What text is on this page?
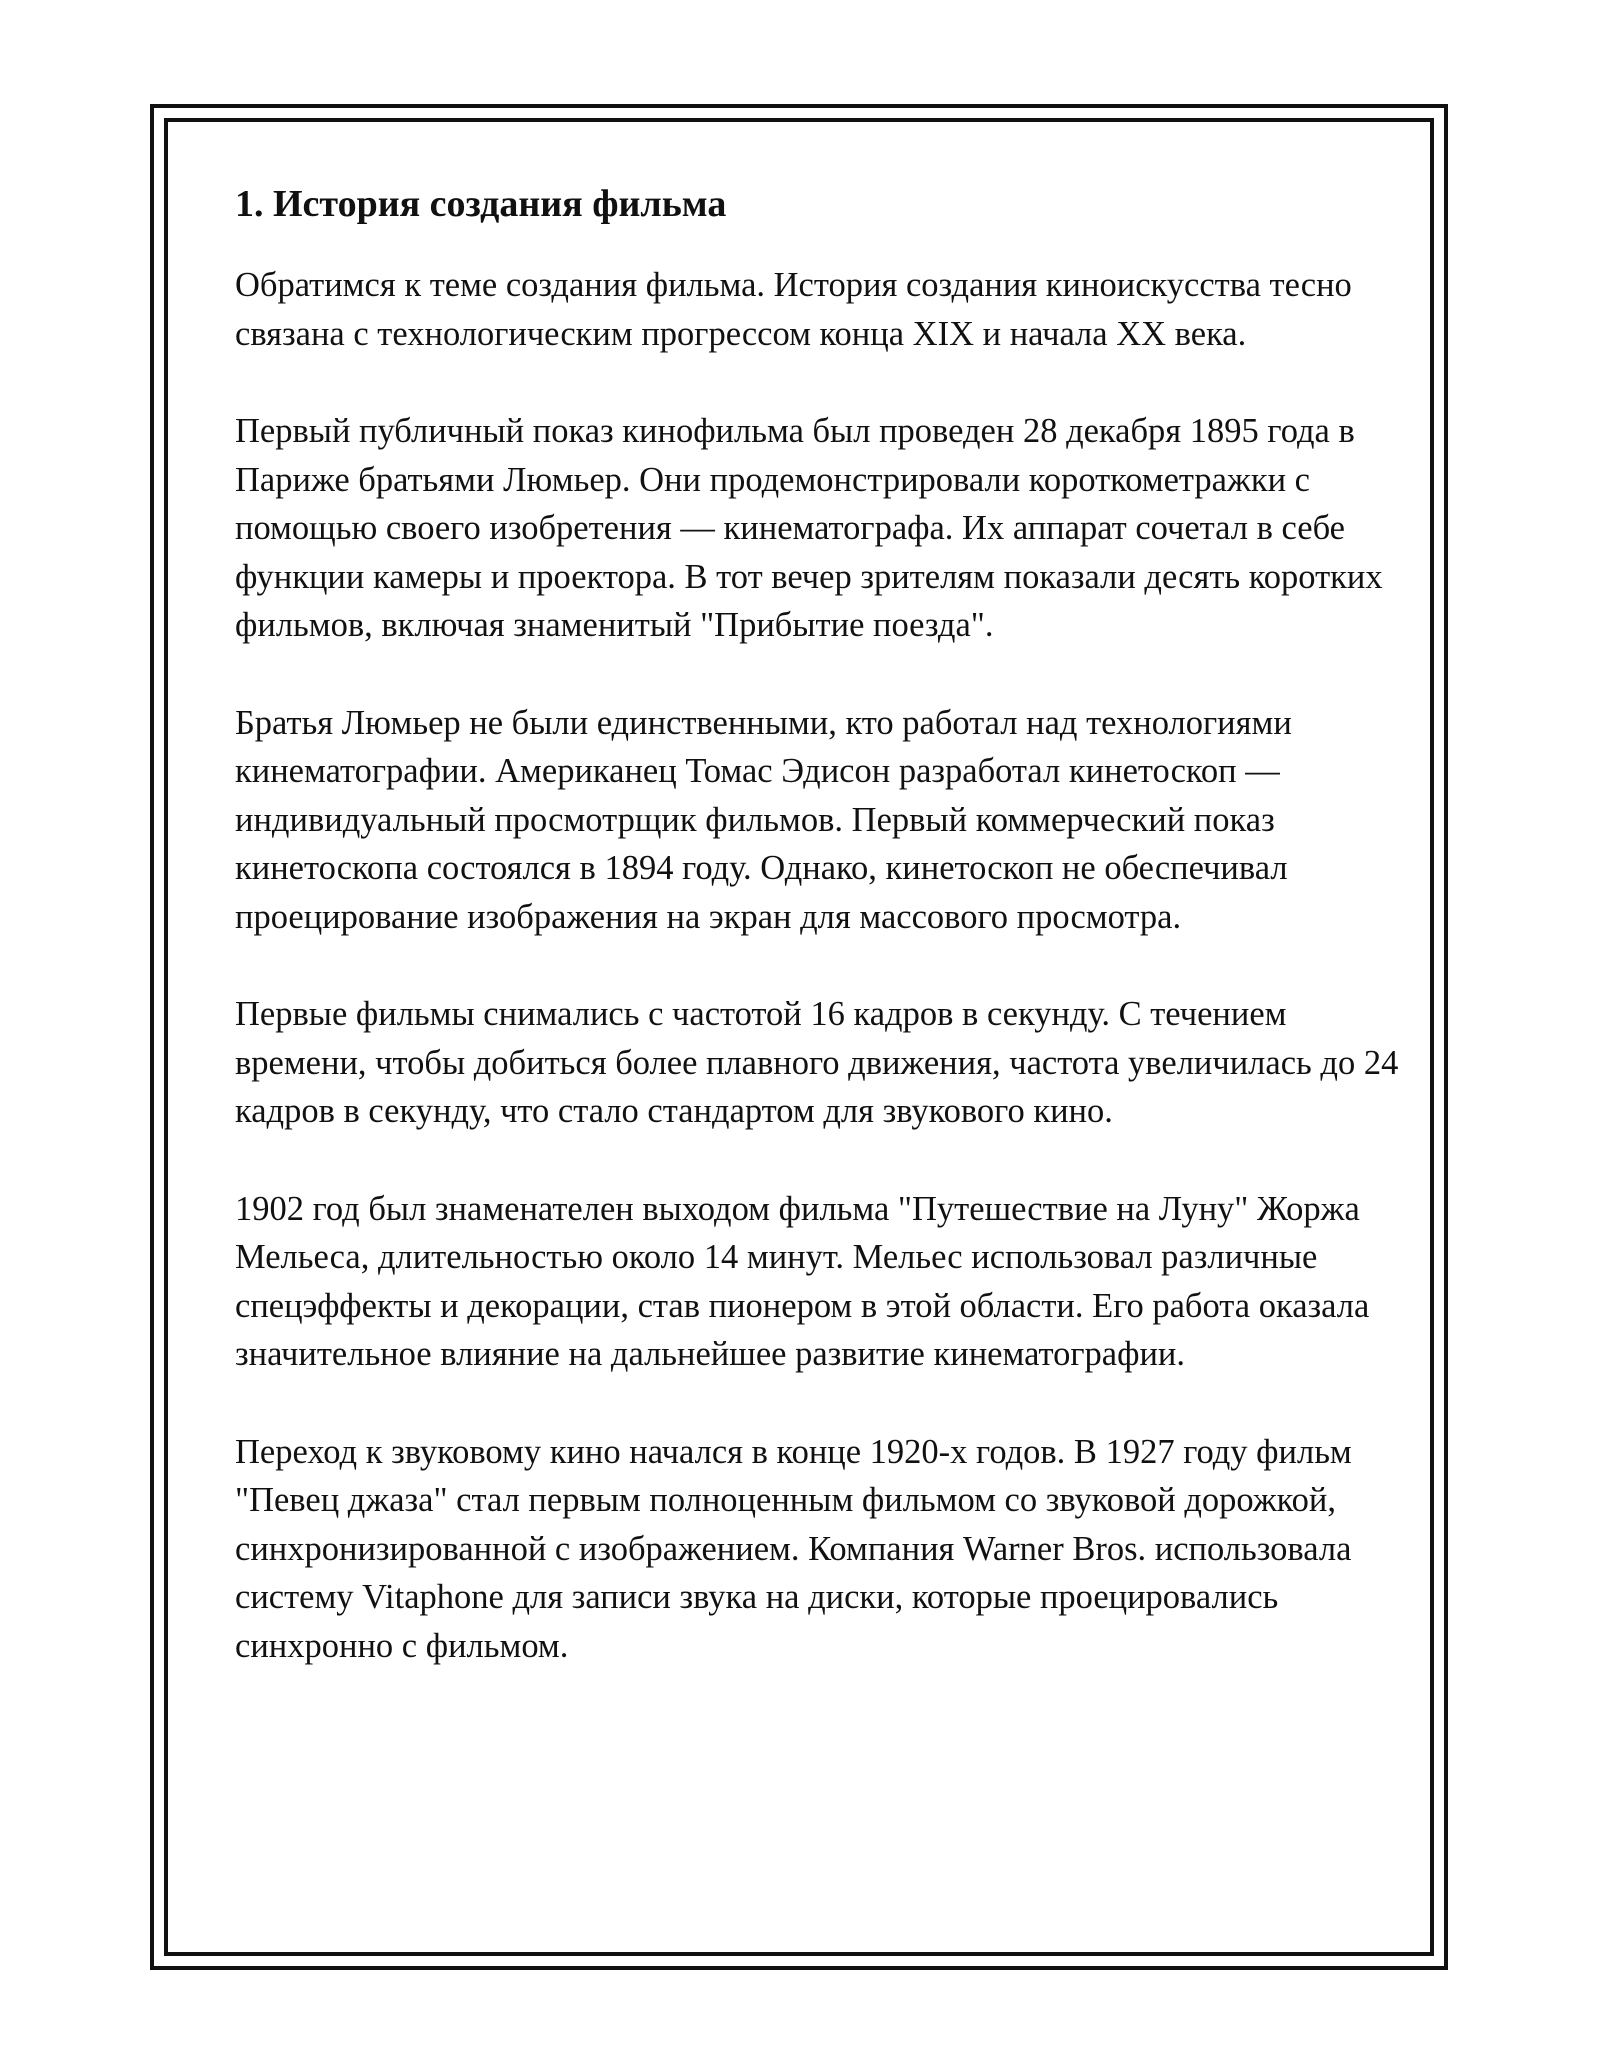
1. История создания фильма

Обратимся к теме создания фильма. История создания киноискусства тесно связана с технологическим прогрессом конца XIX и начала XX века.

Первый публичный показ кинофильма был проведен 28 декабря 1895 года в Париже братьями Люмьер. Они продемонстрировали короткометражки с помощью своего изобретения — кинематографа. Их аппарат сочетал в себе функции камеры и проектора. В тот вечер зрителям показали десять коротких фильмов, включая знаменитый "Прибытие поезда".

Братья Люмьер не были единственными, кто работал над технологиями кинематографии. Американец Томас Эдисон разработал кинетоскоп — индивидуальный просмотрщик фильмов. Первый коммерческий показ кинетоскопа состоялся в 1894 году. Однако, кинетоскоп не обеспечивал проецирование изображения на экран для массового просмотра.

Первые фильмы снимались с частотой 16 кадров в секунду. С течением времени, чтобы добиться более плавного движения, частота увеличилась до 24 кадров в секунду, что стало стандартом для звукового кино.

1902 год был знаменателен выходом фильма "Путешествие на Луну" Жоржа Мельеса, длительностью около 14 минут. Мельес использовал различные спецэффекты и декорации, став пионером в этой области. Его работа оказала значительное влияние на дальнейшее развитие кинематографии.

Переход к звуковому кино начался в конце 1920-х годов. В 1927 году фильм "Певец джаза" стал первым полноценным фильмом со звуковой дорожкой, синхронизированной с изображением. Компания Warner Bros. использовала систему Vitaphone для записи звука на диски, которые проецировались синхронно с фильмом.
